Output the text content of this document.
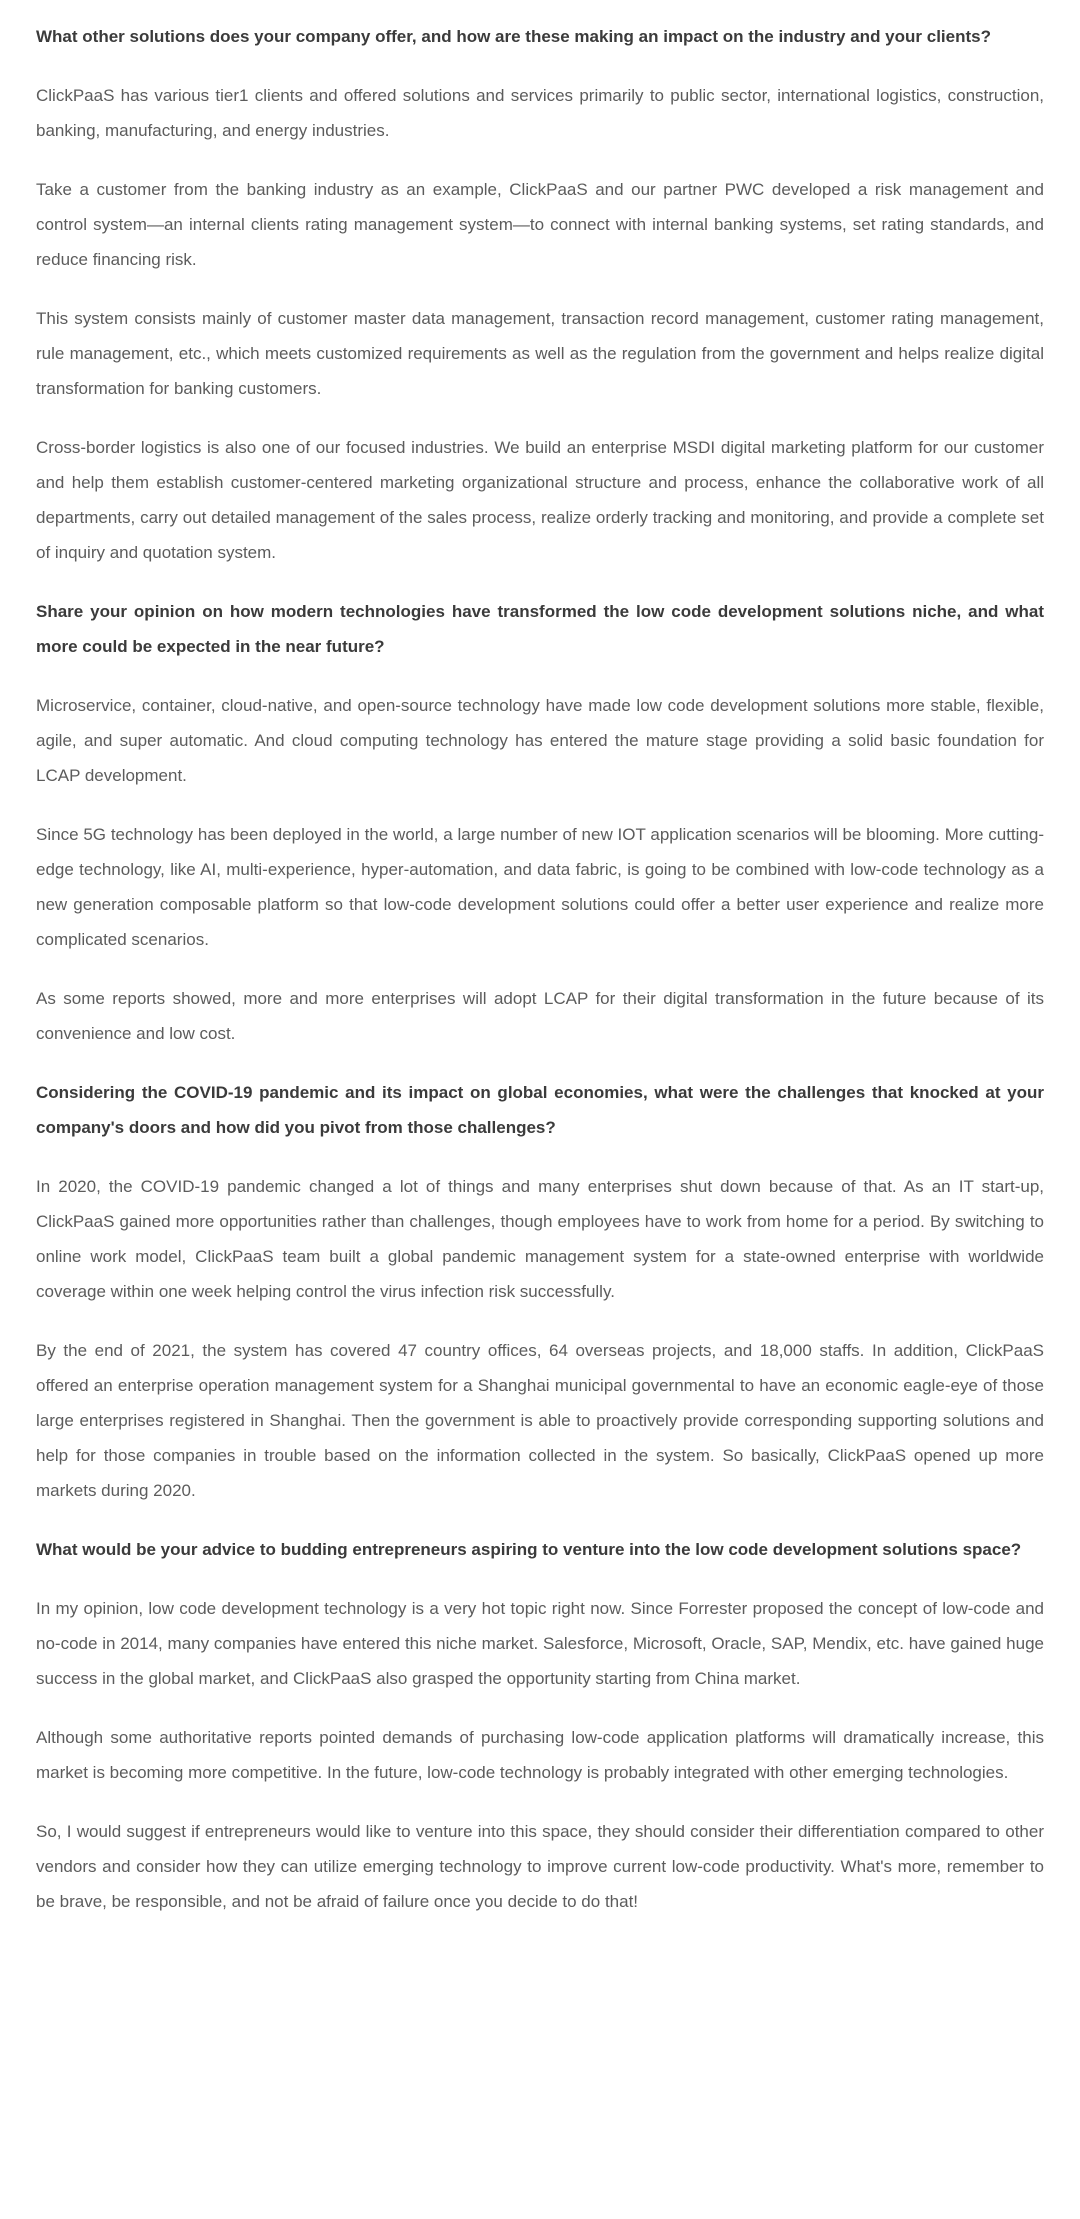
What other solutions does your company offer, and how are these making an impact on the industry and your clients?
ClickPaaS has various tier1 clients and offered solutions and services primarily to public sector, international logistics, construction, banking, manufacturing, and energy industries.
Take a customer from the banking industry as an example, ClickPaaS and our partner PWC developed a risk management and control system—an internal clients rating management system—to connect with internal banking systems, set rating standards, and reduce financing risk.
This system consists mainly of customer master data management, transaction record management, customer rating management, rule management, etc., which meets customized requirements as well as the regulation from the government and helps realize digital transformation for banking customers.
Cross-border logistics is also one of our focused industries. We build an enterprise MSDI digital marketing platform for our customer and help them establish customer-centered marketing organizational structure and process, enhance the collaborative work of all departments, carry out detailed management of the sales process, realize orderly tracking and monitoring, and provide a complete set of inquiry and quotation system.
Share your opinion on how modern technologies have transformed the low code development solutions niche, and what more could be expected in the near future?
Microservice, container, cloud-native, and open-source technology have made low code development solutions more stable, flexible, agile, and super automatic. And cloud computing technology has entered the mature stage providing a solid basic foundation for LCAP development.
Since 5G technology has been deployed in the world, a large number of new IOT application scenarios will be blooming. More cutting-edge technology, like AI, multi-experience, hyper-automation, and data fabric, is going to be combined with low-code technology as a new generation composable platform so that low-code development solutions could offer a better user experience and realize more complicated scenarios.
As some reports showed, more and more enterprises will adopt LCAP for their digital transformation in the future because of its convenience and low cost.
Considering the COVID-19 pandemic and its impact on global economies, what were the challenges that knocked at your company's doors and how did you pivot from those challenges?
In 2020, the COVID-19 pandemic changed a lot of things and many enterprises shut down because of that. As an IT start-up, ClickPaaS gained more opportunities rather than challenges, though employees have to work from home for a period. By switching to online work model, ClickPaaS team built a global pandemic management system for a state-owned enterprise with worldwide coverage within one week helping control the virus infection risk successfully.
By the end of 2021, the system has covered 47 country offices, 64 overseas projects, and 18,000 staffs. In addition, ClickPaaS offered an enterprise operation management system for a Shanghai municipal governmental to have an economic eagle-eye of those large enterprises registered in Shanghai. Then the government is able to proactively provide corresponding supporting solutions and help for those companies in trouble based on the information collected in the system. So basically, ClickPaaS opened up more markets during 2020.
What would be your advice to budding entrepreneurs aspiring to venture into the low code development solutions space?
In my opinion, low code development technology is a very hot topic right now. Since Forrester proposed the concept of low-code and no-code in 2014, many companies have entered this niche market. Salesforce, Microsoft, Oracle, SAP, Mendix, etc. have gained huge success in the global market, and ClickPaaS also grasped the opportunity starting from China market.
Although some authoritative reports pointed demands of purchasing low-code application platforms will dramatically increase, this market is becoming more competitive. In the future, low-code technology is probably integrated with other emerging technologies.
So, I would suggest if entrepreneurs would like to venture into this space, they should consider their differentiation compared to other vendors and consider how they can utilize emerging technology to improve current low-code productivity. What's more, remember to be brave, be responsible, and not be afraid of failure once you decide to do that!
